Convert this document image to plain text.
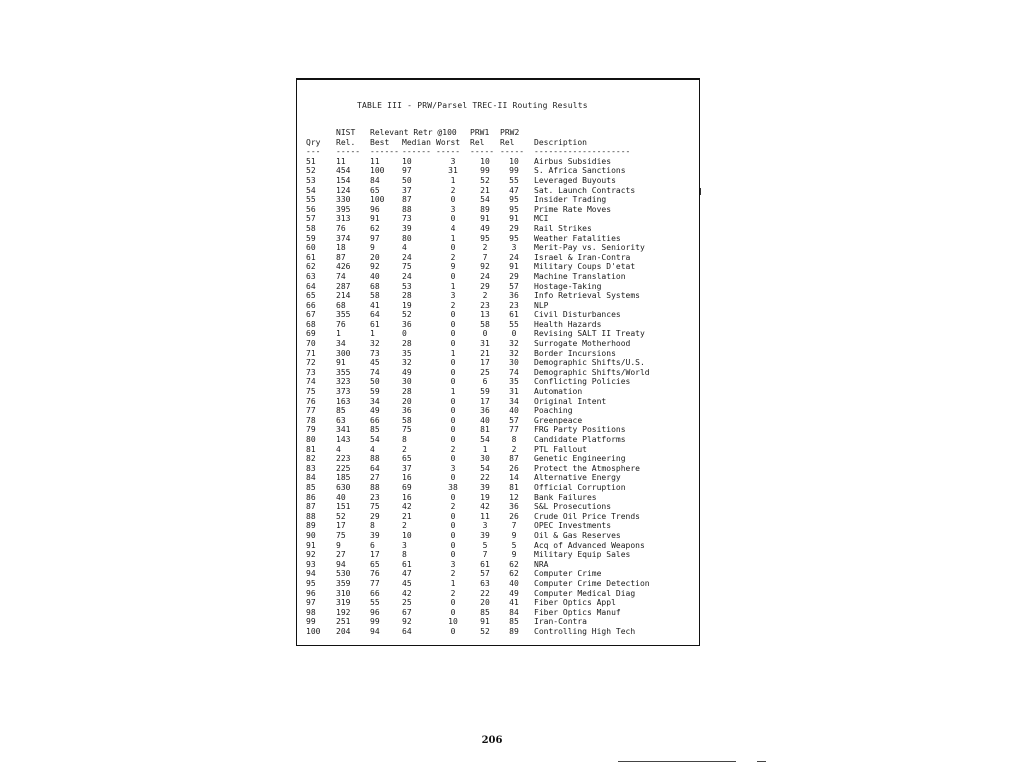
TABLE III - PRW/Parsel TREC-II Routing Results
	NIST	Relevant Retr @100			PRW1	PRW2	
Qry	Rel.	Best	Median	Worst	Rel	Rel	Description
---	-----	------	------	-----	-----	-----	--------------------
51	11	11	10	3	10	10	Airbus Subsidies
52	454	100	97	31	99	99	S. Africa Sanctions
53	154	84	50	1	52	55	Leveraged Buyouts
54	124	65	37	2	21	47	Sat. Launch Contracts
55	330	100	87	0	54	95	Insider Trading
56	395	96	88	3	89	95	Prime Rate Moves
57	313	91	73	0	91	91	MCI
58	76	62	39	4	49	29	Rail Strikes
59	374	97	80	1	95	95	Weather Fatalities
60	18	9	4	0	2	3	Merit-Pay vs. Seniority
61	87	20	24	2	7	24	Israel & Iran-Contra
62	426	92	75	9	92	91	Military Coups D'etat
63	74	40	24	0	24	29	Machine Translation
64	287	68	53	1	29	57	Hostage-Taking
65	214	58	28	3	2	36	Info Retrieval Systems
66	68	41	19	2	23	23	NLP
67	355	64	52	0	13	61	Civil Disturbances
68	76	61	36	0	58	55	Health Hazards
69	1	1	0	0	0	0	Revising SALT II Treaty
70	34	32	28	0	31	32	Surrogate Motherhood
71	300	73	35	1	21	32	Border Incursions
72	91	45	32	0	17	30	Demographic Shifts/U.S.
73	355	74	49	0	25	74	Demographic Shifts/World
74	323	50	30	0	6	35	Conflicting Policies
75	373	59	28	1	59	31	Automation
76	163	34	20	0	17	34	Original Intent
77	85	49	36	0	36	40	Poaching
78	63	66	58	0	40	57	Greenpeace
79	341	85	75	0	81	77	FRG Party Positions
80	143	54	8	0	54	8	Candidate Platforms
81	4	4	2	2	1	2	PTL Fallout
82	223	88	65	0	30	87	Genetic Engineering
83	225	64	37	3	54	26	Protect the Atmosphere
84	185	27	16	0	22	14	Alternative Energy
85	630	88	69	38	39	81	Official Corruption
86	40	23	16	0	19	12	Bank Failures
87	151	75	42	2	42	36	S&L Prosecutions
88	52	29	21	0	11	26	Crude Oil Price Trends
89	17	8	2	0	3	7	OPEC Investments
90	75	39	10	0	39	9	Oil & Gas Reserves
91	9	6	3	0	5	5	Acq of Advanced Weapons
92	27	17	8	0	7	9	Military Equip Sales
93	94	65	61	3	61	62	NRA
94	530	76	47	2	57	62	Computer Crime
95	359	77	45	1	63	40	Computer Crime Detection
96	310	66	42	2	22	49	Computer Medical Diag
97	319	55	25	0	20	41	Fiber Optics Appl
98	192	96	67	0	85	84	Fiber Optics Manuf
99	251	99	92	10	91	85	Iran-Contra
100	204	94	64	0	52	89	Controlling High Tech
206
